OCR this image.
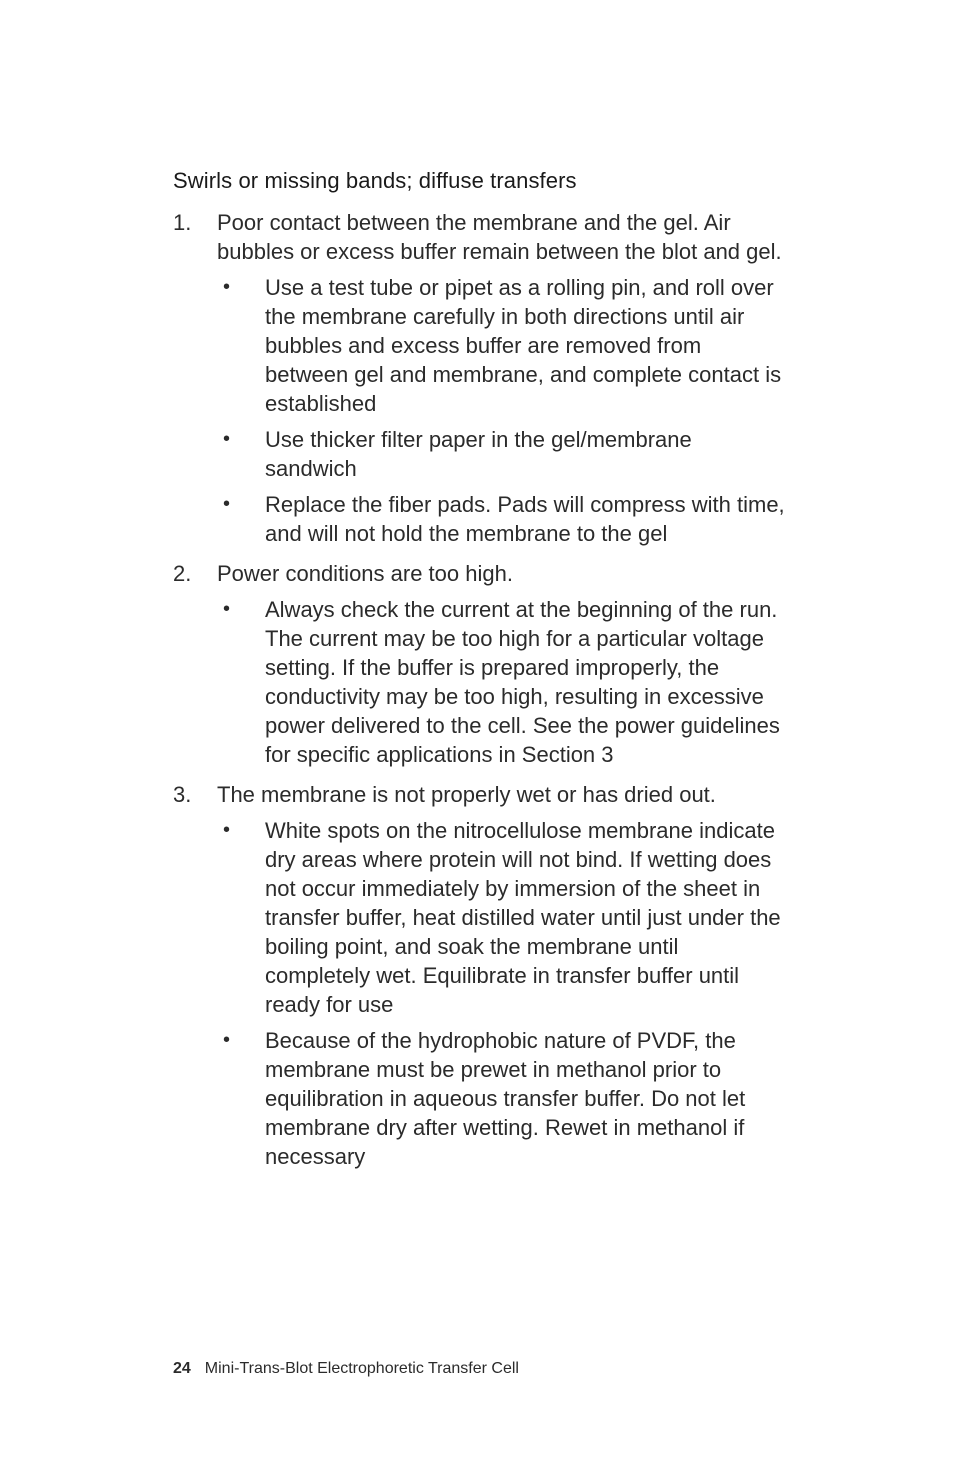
Swirls or missing bands; diffuse transfers
1. Poor contact between the membrane and the gel. Air bubbles or excess buffer remain between the blot and gel.
• Use a test tube or pipet as a rolling pin, and roll over the membrane carefully in both directions until air bubbles and excess buffer are removed from between gel and membrane, and complete contact is established
• Use thicker filter paper in the gel/membrane sandwich
• Replace the fiber pads. Pads will compress with time, and will not hold the membrane to the gel
2. Power conditions are too high.
• Always check the current at the beginning of the run. The current may be too high for a particular voltage setting. If the buffer is prepared improperly, the conductivity may be too high, resulting in excessive power delivered to the cell. See the power guidelines for specific applications in Section 3
3. The membrane is not properly wet or has dried out.
• White spots on the nitrocellulose membrane indicate dry areas where protein will not bind. If wetting does not occur immediately by immersion of the sheet in transfer buffer, heat distilled water until just under the boiling point, and soak the membrane until completely wet. Equilibrate in transfer buffer until ready for use
• Because of the hydrophobic nature of PVDF, the membrane must be prewet in methanol prior to equilibration in aqueous transfer buffer. Do not let membrane dry after wetting. Rewet in methanol if necessary
24 Mini-Trans-Blot Electrophoretic Transfer Cell
